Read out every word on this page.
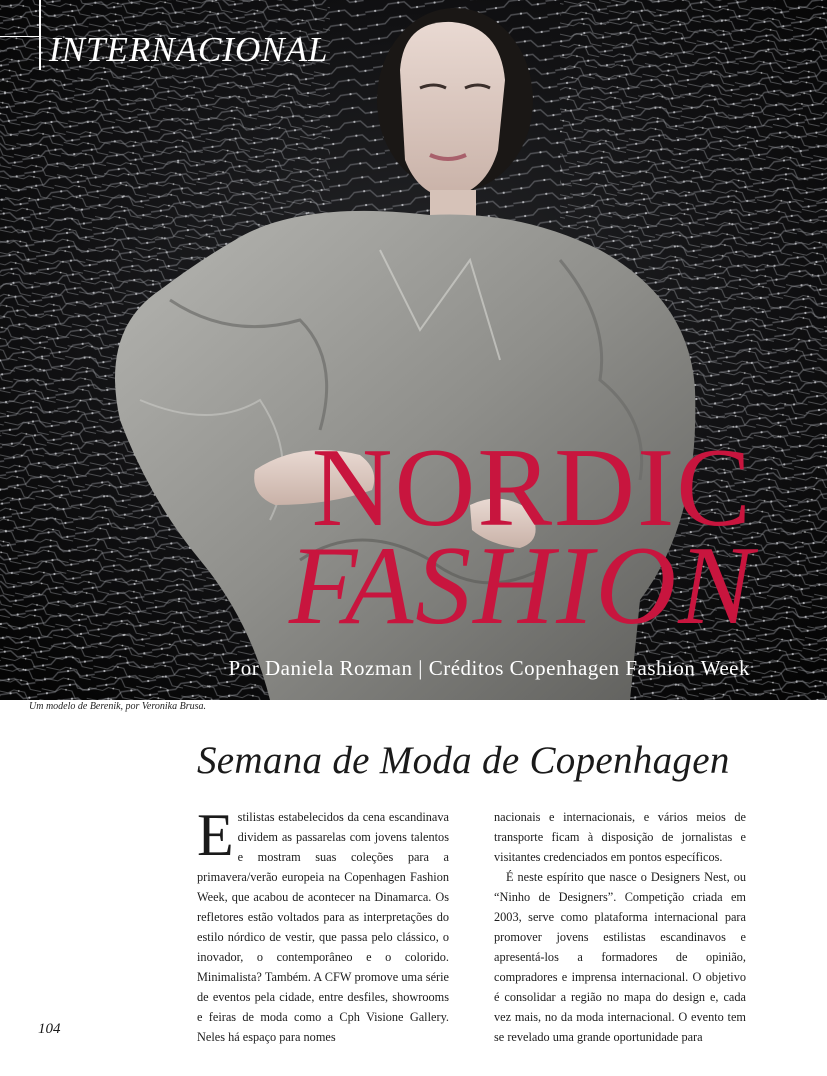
INTERNACIONAL
NORDIC
FASHION
Por Daniela Rozman | Créditos Copenhagen Fashion Week
Um modelo de Berenik, por Veronika Brusa.
Semana de Moda de Copenhagen

Estilistas estabelecidos da cena escandinava dividem as passarelas com jovens talentos e mostram suas coleções para a primavera/verão europeia na Copenhagen Fashion Week, que acabou de acontecer na Dinamarca. Os refletores estão voltados para as interpretações do estilo nórdico de vestir, que passa pelo clássico, o inovador, o contemporâneo e o colorido. Minimalista? Também. A CFW promove uma série de eventos pela cidade, entre desfiles, showrooms e feiras de moda como a Cph Visione Gallery. Neles há espaço para nomes

nacionais e internacionais, e vários meios de transporte ficam à disposição de jornalistas e visitantes credenciados em pontos específicos.

É neste espírito que nasce o Designers Nest, ou “Ninho de Designers”. Competição criada em 2003, serve como plataforma internacional para promover jovens estilistas escandinavos e apresentá-los a formadores de opinião, compradores e imprensa internacional. O objetivo é consolidar a região no mapa do design e, cada vez mais, no da moda internacional. O evento tem se revelado uma grande oportunidade para

104
